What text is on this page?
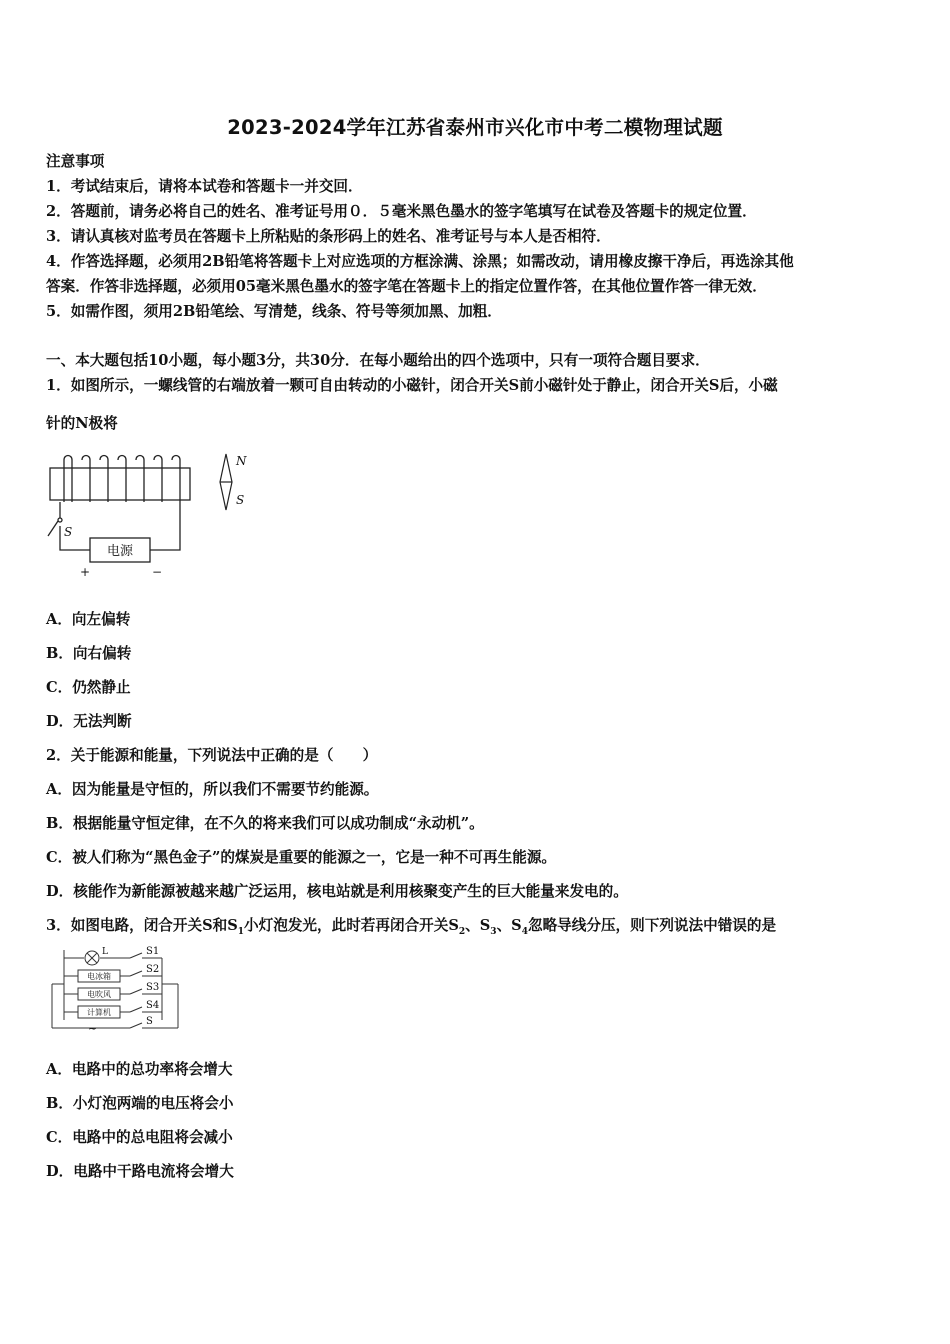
2023-2024学年江苏省泰州市兴化市中考二模物理试题
注意事项
1．考试结束后，请将本试卷和答题卡一并交回．
2．答题前，请务必将自己的姓名、准考证号用０．５毫米黑色墨水的签字笔填写在试卷及答题卡的规定位置．
3．请认真核对监考员在答题卡上所粘贴的条形码上的姓名、准考证号与本人是否相符．
4．作答选择题，必须用2B铅笔将答题卡上对应选项的方框涂满、涂黑；如需改动，请用橡皮擦干净后，再选涂其他
答案．作答非选择题，必须用05毫米黑色墨水的签字笔在答题卡上的指定位置作答，在其他位置作答一律无效．
5．如需作图，须用2B铅笔绘、写清楚，线条、符号等须加黑、加粗．
一、本大题包括10小题，每小题3分，共30分．在每小题给出的四个选项中，只有一项符合题目要求．
1．如图所示，一螺线管的右端放着一颗可自由转动的小磁针，闭合开关S前小磁针处于静止，闭合开关S后，小磁
针的N极将
电源
S
+	−
N
S
A．向左偏转
B．向右偏转
C．仍然静止
D．无法判断
2．关于能源和能量，下列说法中正确的是（　　）
A．因为能量是守恒的，所以我们不需要节约能源。
B．根据能量守恒定律，在不久的将来我们可以成功制成“永动机”。
C．被人们称为“黑色金子”的煤炭是重要的能源之一，它是一种不可再生能源。
D．核能作为新能源被越来越广泛运用，核电站就是利用核聚变产生的巨大能量来发电的。
3．如图电路，闭合开关S和$S_1$小灯泡发光，此时若再闭合开关$S_2$、$S_3$、$S_4$忽略导线分压，则下列说法中错误的是
L
电冰箱
电吹风
计算机
S1
S2
S3
S4
S
~
A．电路中的总功率将会增大
B．小灯泡两端的电压将会小
C．电路中的总电阻将会减小
D．电路中干路电流将会增大
